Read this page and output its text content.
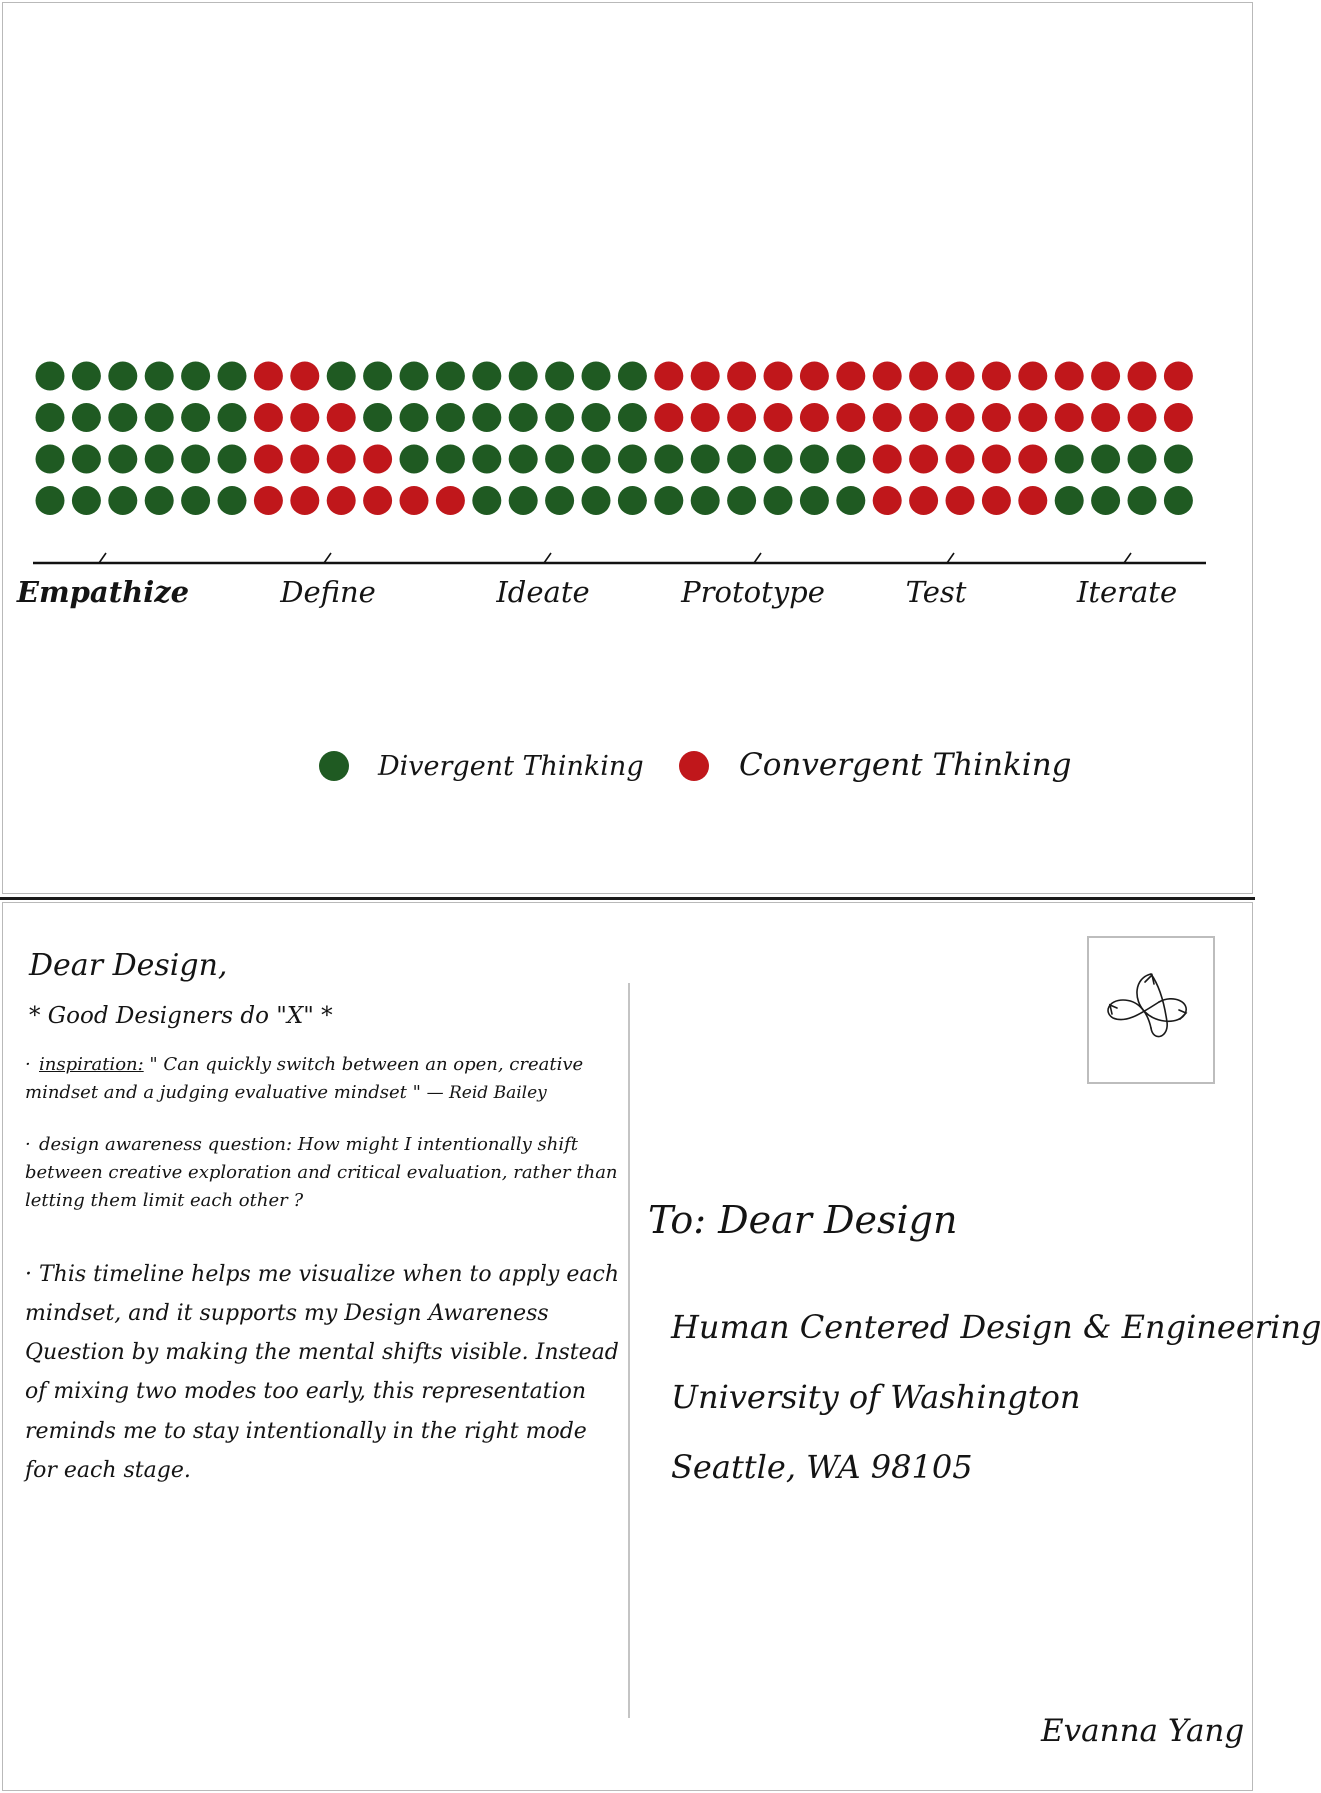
Empathize	Define	Ideate	Prototype	Test	Iterate
Divergent Thinking	Convergent Thinking
Dear Design,
* Good Designers do "X" *
· inspiration: " Can quickly switch between an open, creative mindset and a judging evaluative mindset " — Reid Bailey
· design awareness question: How might I intentionally shift between creative exploration and critical evaluation, rather than letting them limit each other ?
· This timeline helps me visualize when to apply each mindset, and it supports my Design Awareness Question by making the mental shifts visible. Instead of mixing two modes too early, this representation reminds me to stay intentionally in the right mode for each stage.
To: Dear Design
Human Centered Design & Engineering
University of Washington
Seattle, WA 98105
Evanna Yang
